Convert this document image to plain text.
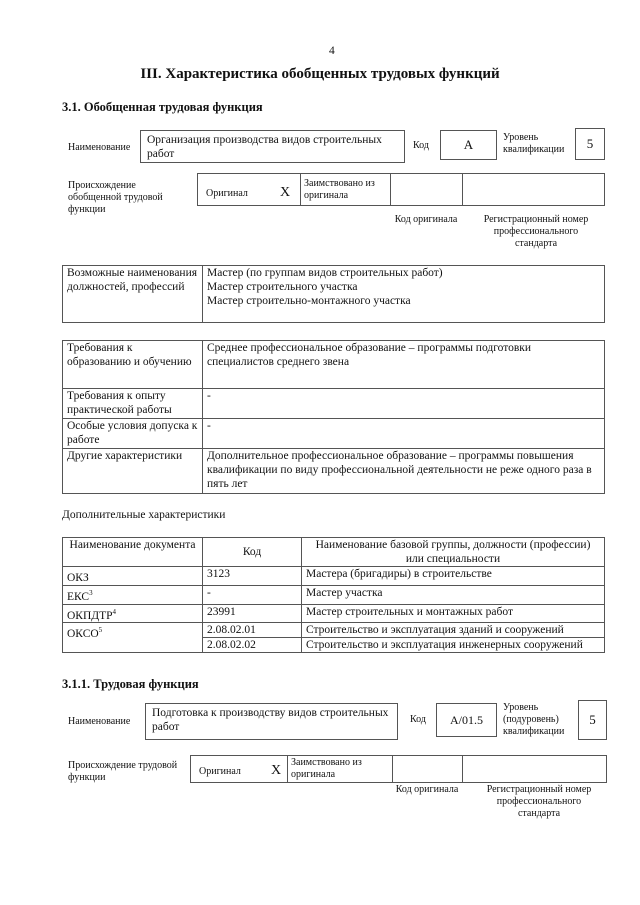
4
III. Характеристика обобщенных трудовых функций
3.1. Обобщенная трудовая функция
Наименование
Организация производства видов строительных работ
Код	А	Уровень квалификации	5
Происхождение обобщенной трудовой функции
Оригинал X
Заимствовано из оригинала
Код оригинала	Регистрационный номер профессионального стандарта
Возможные наименования должностей, профессий	
Мастер (по группам видов строительных работ)
Мастер строительного участка
Мастер строительно-монтажного участка
Требования к образованию и обучению	Среднее профессиональное образование – программы подготовки специалистов среднего звена
Требования к опыту практической работы	-
Особые условия допуска к работе	-
Другие характеристики	Дополнительное профессиональное образование – программы повышения квалификации по виду профессиональной деятельности не реже одного раза в пять лет
Дополнительные характеристики
Наименование документа	Код	Наименование базовой группы, должности (профессии) или специальности
ОКЗ	3123	Мастера (бригадиры) в строительстве
ЕКС$^3$	-	Мастер участка
ОКПДТР$^4$	23991	Мастер строительных и монтажных работ
ОКСО$^5$	2.08.02.01	Строительство и эксплуатация зданий и сооружений
	2.08.02.02	Строительство и эксплуатация инженерных сооружений
3.1.1. Трудовая функция
Наименование
Подготовка к производству видов строительных работ
Код	А/01.5
Уровень (подуровень) квалификации
5
Происхождение трудовой функции
Оригинал X
Заимствовано из оригинала
Код оригинала	Регистрационный номер профессионального стандарта
